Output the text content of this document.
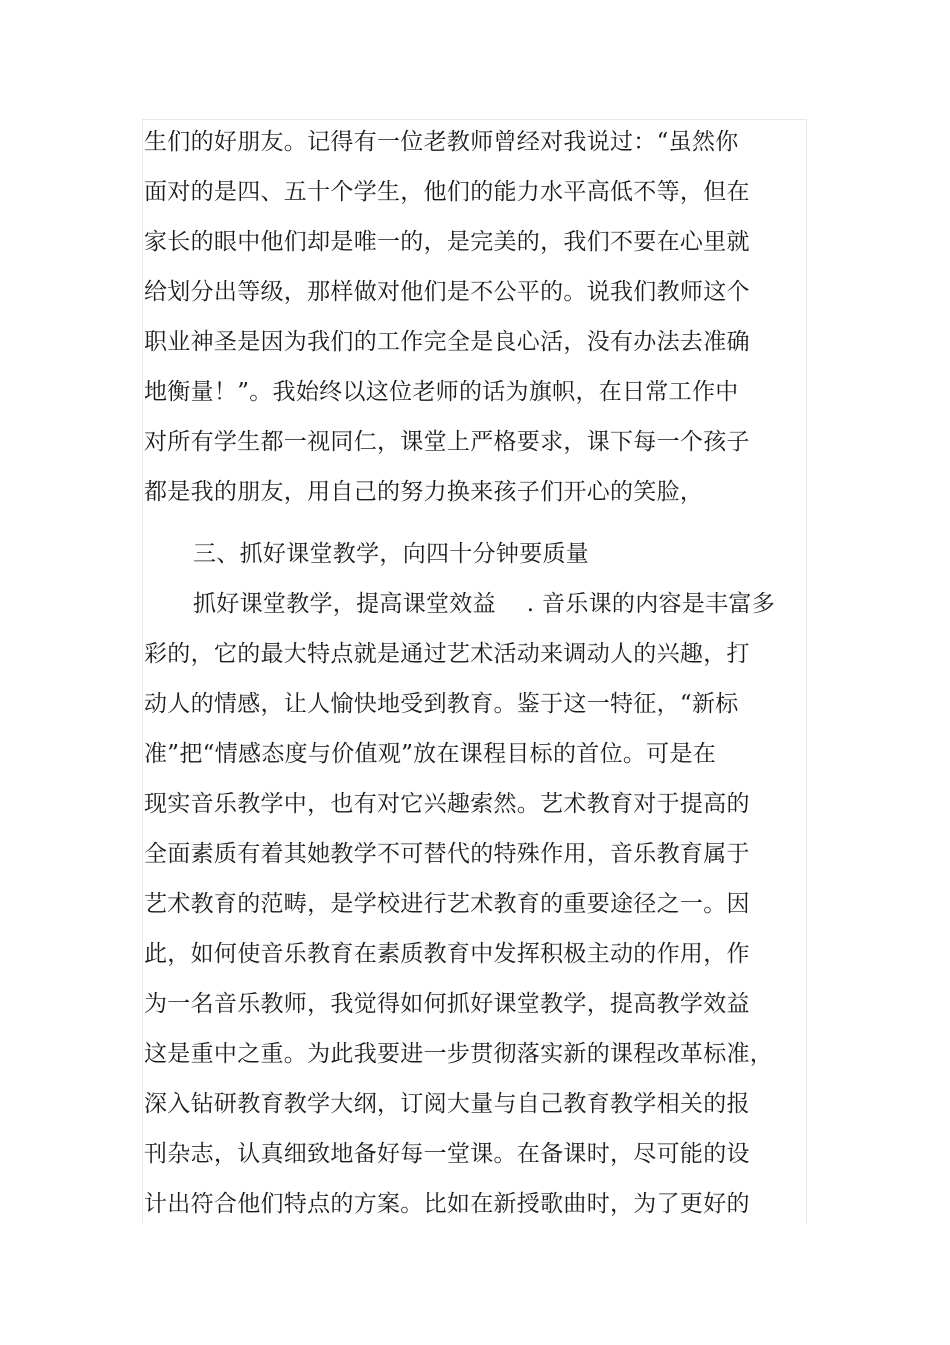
生们的好朋友。记得有一位老教师曾经对我说过：“虽然你
面对的是四、五十个学生，他们的能力水平高低不等，但在
家长的眼中他们却是唯一的，是完美的，我们不要在心里就
给划分出等级，那样做对他们是不公平的。说我们教师这个
职业神圣是因为我们的工作完全是良心活，没有办法去准确
地衡量！”。我始终以这位老师的话为旗帜，在日常工作中
对所有学生都一视同仁，课堂上严格要求，课下每一个孩子
都是我的朋友，用自己的努力换来孩子们开心的笑脸，
三、抓好课堂教学，向四十分钟要质量
抓好课堂教学，提高课堂效益　 . 音乐课的内容是丰富多
彩的，它的最大特点就是通过艺术活动来调动人的兴趣，打
动人的情感，让人愉快地受到教育。鉴于这一特征，“新标
准”把“情感态度与价值观”放在课程目标的首位。可是在
现实音乐教学中，也有对它兴趣索然。艺术教育对于提高的
全面素质有着其她教学不可替代的特殊作用，音乐教育属于
艺术教育的范畴，是学校进行艺术教育的重要途径之一。因
此，如何使音乐教育在素质教育中发挥积极主动的作用，作
为一名音乐教师，我觉得如何抓好课堂教学，提高教学效益
这是重中之重。为此我要进一步贯彻落实新的课程改革标准，
深入钻研教育教学大纲，订阅大量与自己教育教学相关的报
刊杂志，认真细致地备好每一堂课。在备课时，尽可能的设
计出符合他们特点的方案。比如在新授歌曲时，为了更好的
